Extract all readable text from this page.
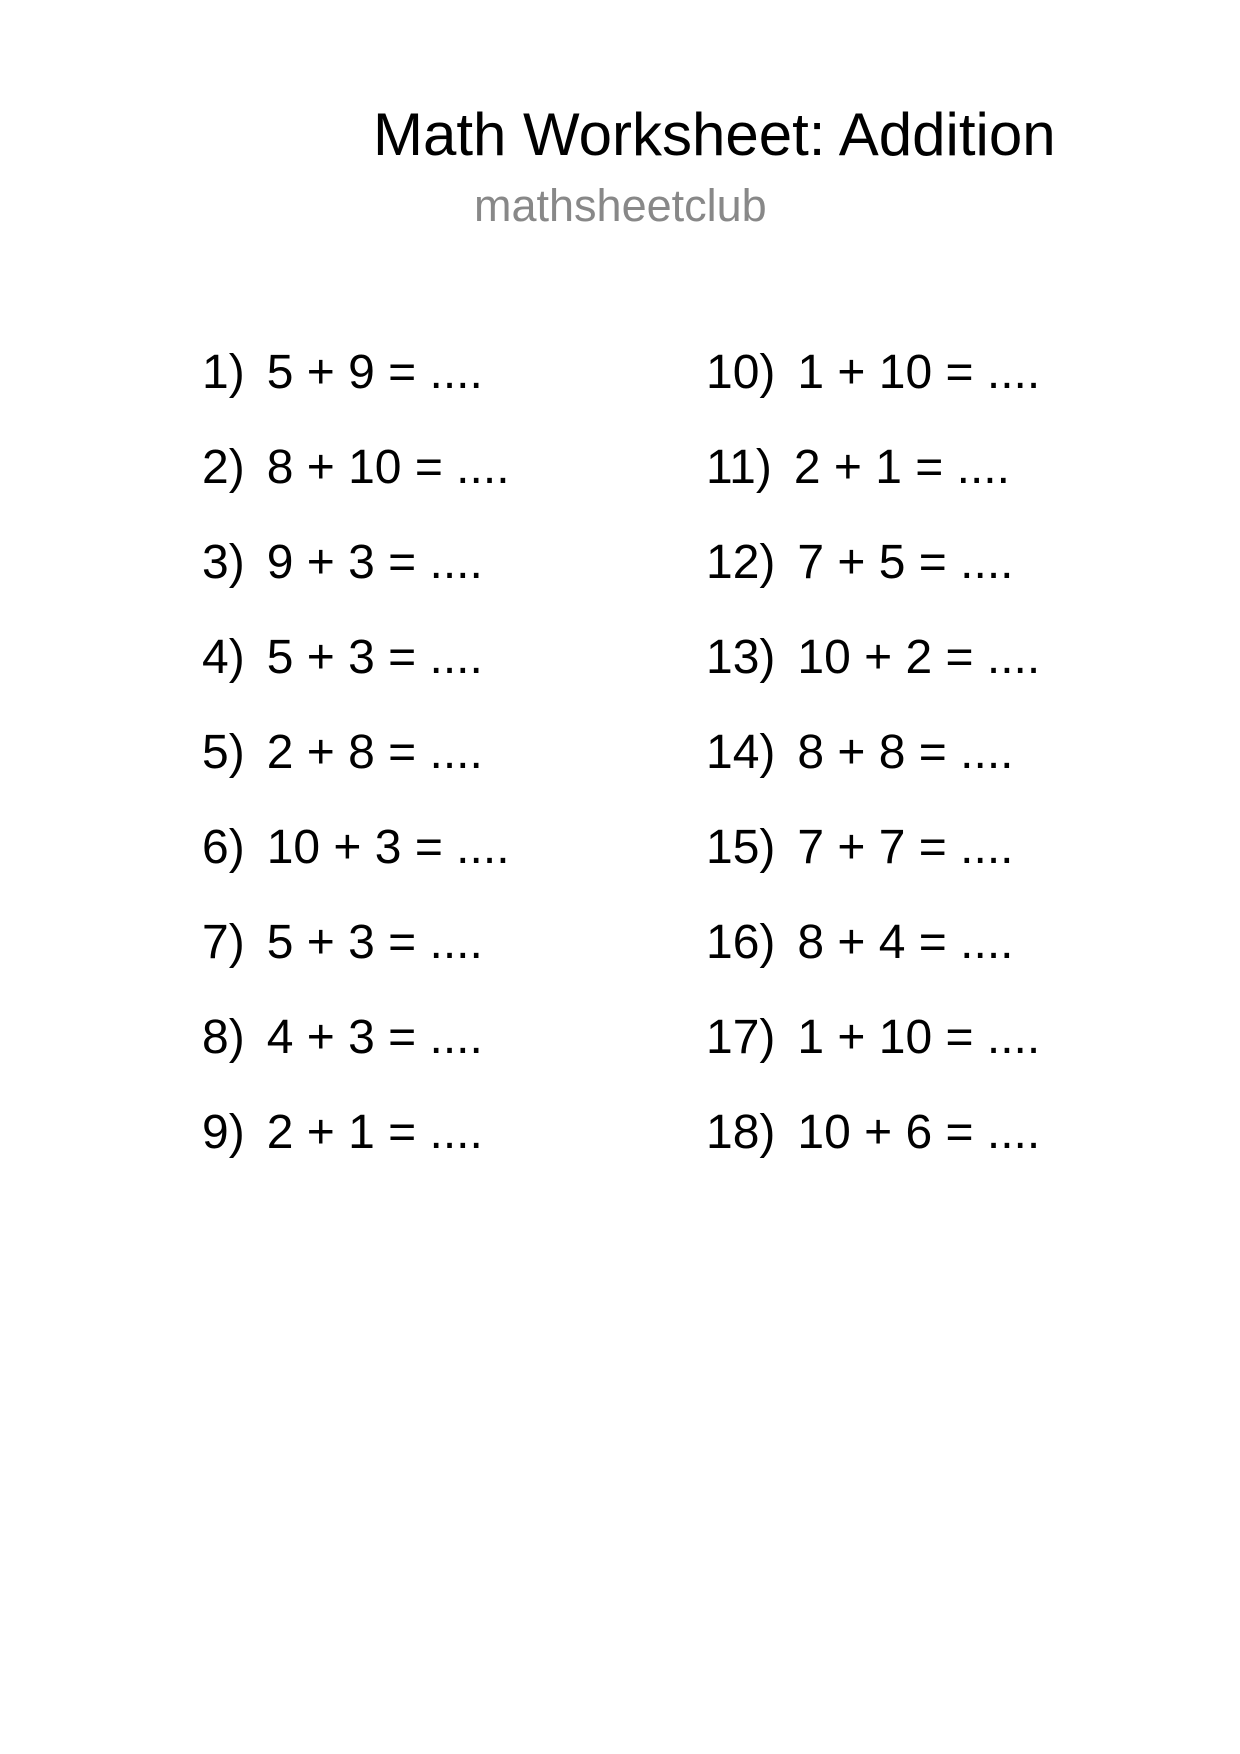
Math Worksheet: Addition
mathsheetclub
1) 5 + 9 = ....
2) 8 + 10 = ....
3) 9 + 3 = ....
4) 5 + 3 = ....
5) 2 + 8 = ....
6) 10 + 3 = ....
7) 5 + 3 = ....
8) 4 + 3 = ....
9) 2 + 1 = ....
10) 1 + 10 = ....
11) 2 + 1 = ....
12) 7 + 5 = ....
13) 10 + 2 = ....
14) 8 + 8 = ....
15) 7 + 7 = ....
16) 8 + 4 = ....
17) 1 + 10 = ....
18) 10 + 6 = ....
